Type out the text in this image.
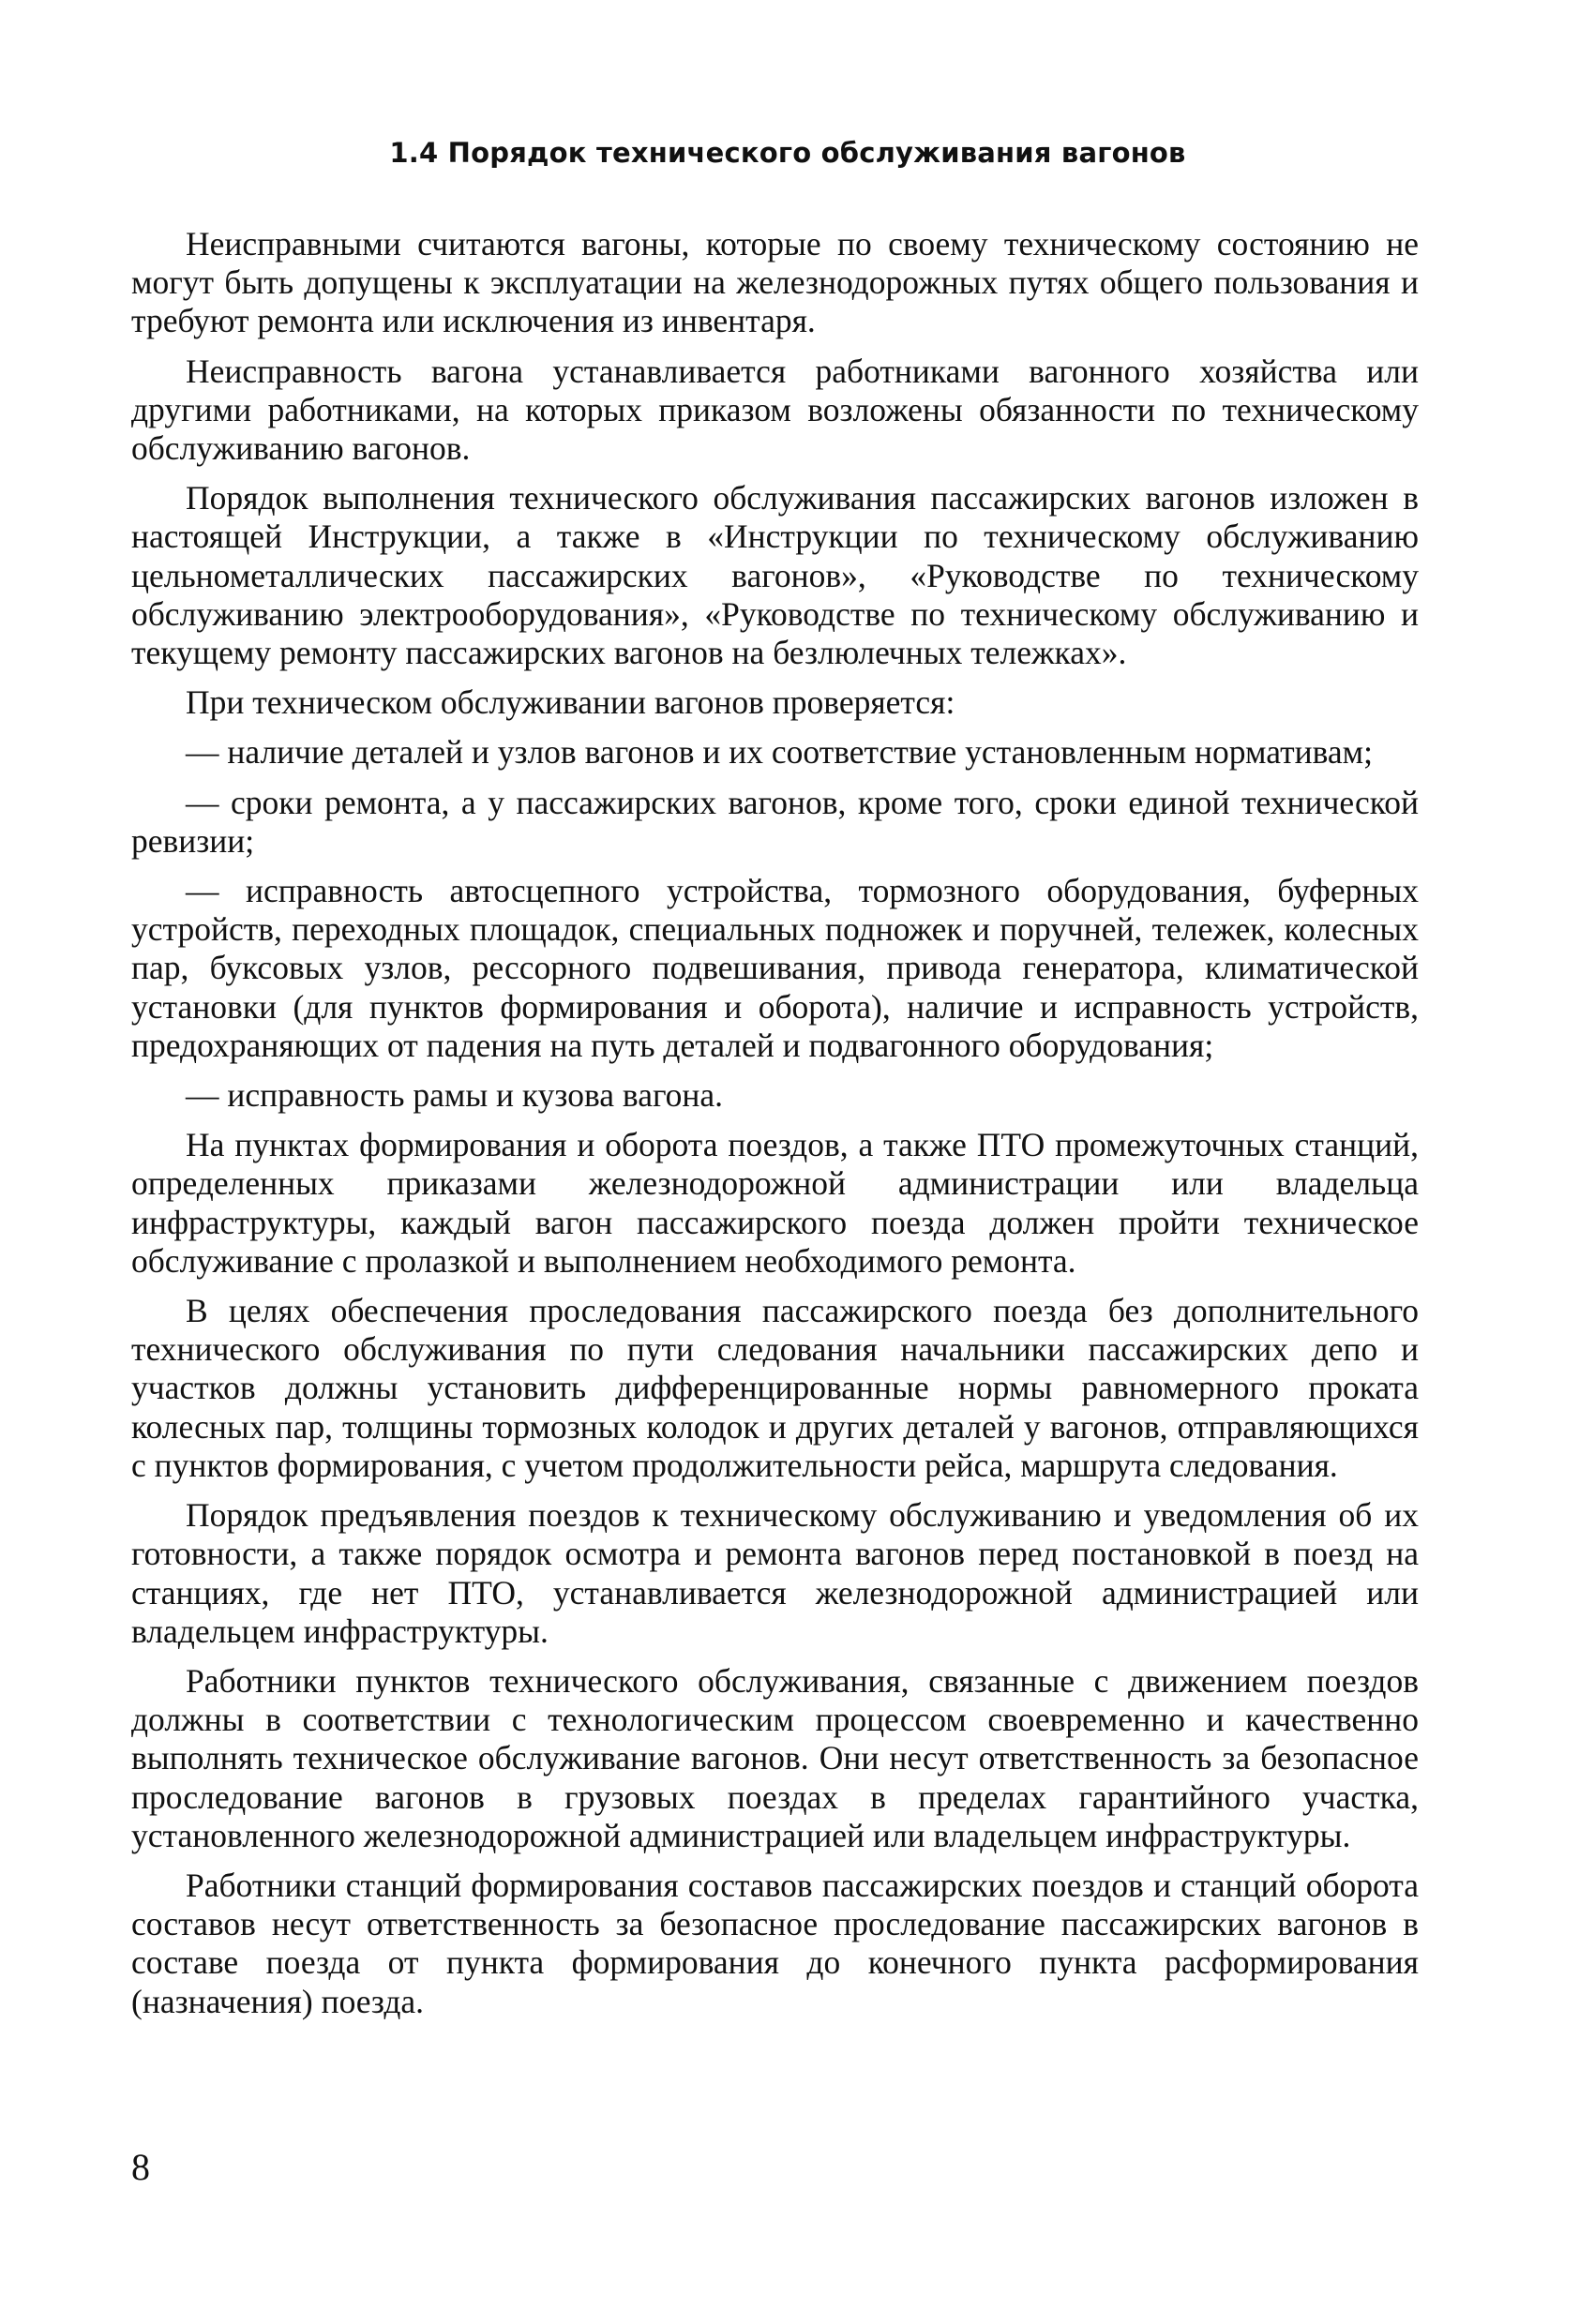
1.4 Порядок технического обслуживания вагонов

Неисправными считаются вагоны, которые по своему техническому состоянию не могут быть допущены к эксплуатации на железнодорожных путях общего пользования и требуют ремонта или исключения из инвентаря.

Неисправность вагона устанавливается работниками вагонного хозяйства или другими работниками, на которых приказом возложены обязанности по техническому обслуживанию вагонов.

Порядок выполнения технического обслуживания пассажирских вагонов изложен в настоящей Инструкции, а также в «Инструкции по техническому обслуживанию цельнометаллических пассажирских вагонов», «Руководстве по техническому обслуживанию электрооборудования», «Руководстве по техническому обслуживанию и текущему ремонту пассажирских вагонов на безлюлечных тележках».

При техническом обслуживании вагонов проверяется:

— наличие деталей и узлов вагонов и их соответствие установленным нормативам;

— сроки ремонта, а у пассажирских вагонов, кроме того, сроки единой технической ревизии;

— исправность автосцепного устройства, тормозного оборудования, буферных устройств, переходных площадок, специальных подножек и поручней, тележек, колесных пар, буксовых узлов, рессорного подвешивания, привода генератора, климатической установки (для пунктов формирования и оборота), наличие и исправность устройств, предохраняющих от падения на путь деталей и подвагонного оборудования;

— исправность рамы и кузова вагона.

На пунктах формирования и оборота поездов, а также ПТО промежуточных станций, определенных приказами железнодорожной администрации или владельца инфраструктуры, каждый вагон пассажирского поезда должен пройти техническое обслуживание с пролазкой и выполнением необходимого ремонта.

В целях обеспечения проследования пассажирского поезда без дополнительного технического обслуживания по пути следования начальники пассажирских депо и участков должны установить дифференцированные нормы равномерного проката колесных пар, толщины тормозных колодок и других деталей у вагонов, отправляющихся с пунктов формирования, с учетом продолжительности рейса, маршрута следования.

Порядок предъявления поездов к техническому обслуживанию и уведомления об их готовности, а также порядок осмотра и ремонта вагонов перед постановкой в поезд на станциях, где нет ПТО, устанавливается железнодорожной администрацией или владельцем инфраструктуры.

Работники пунктов технического обслуживания, связанные с движением поездов должны в соответствии с технологическим процессом своевременно и качественно выполнять техническое обслуживание вагонов. Они несут ответственность за безопасное проследование вагонов в грузовых поездах в пределах гарантийного участка, установленного железнодорожной администрацией или владельцем инфраструктуры.

Работники станций формирования составов пассажирских поездов и станций оборота составов несут ответственность за безопасное проследование пассажирских вагонов в составе поезда от пункта формирования до конечного пункта расформирования (назначения) поезда.

8
